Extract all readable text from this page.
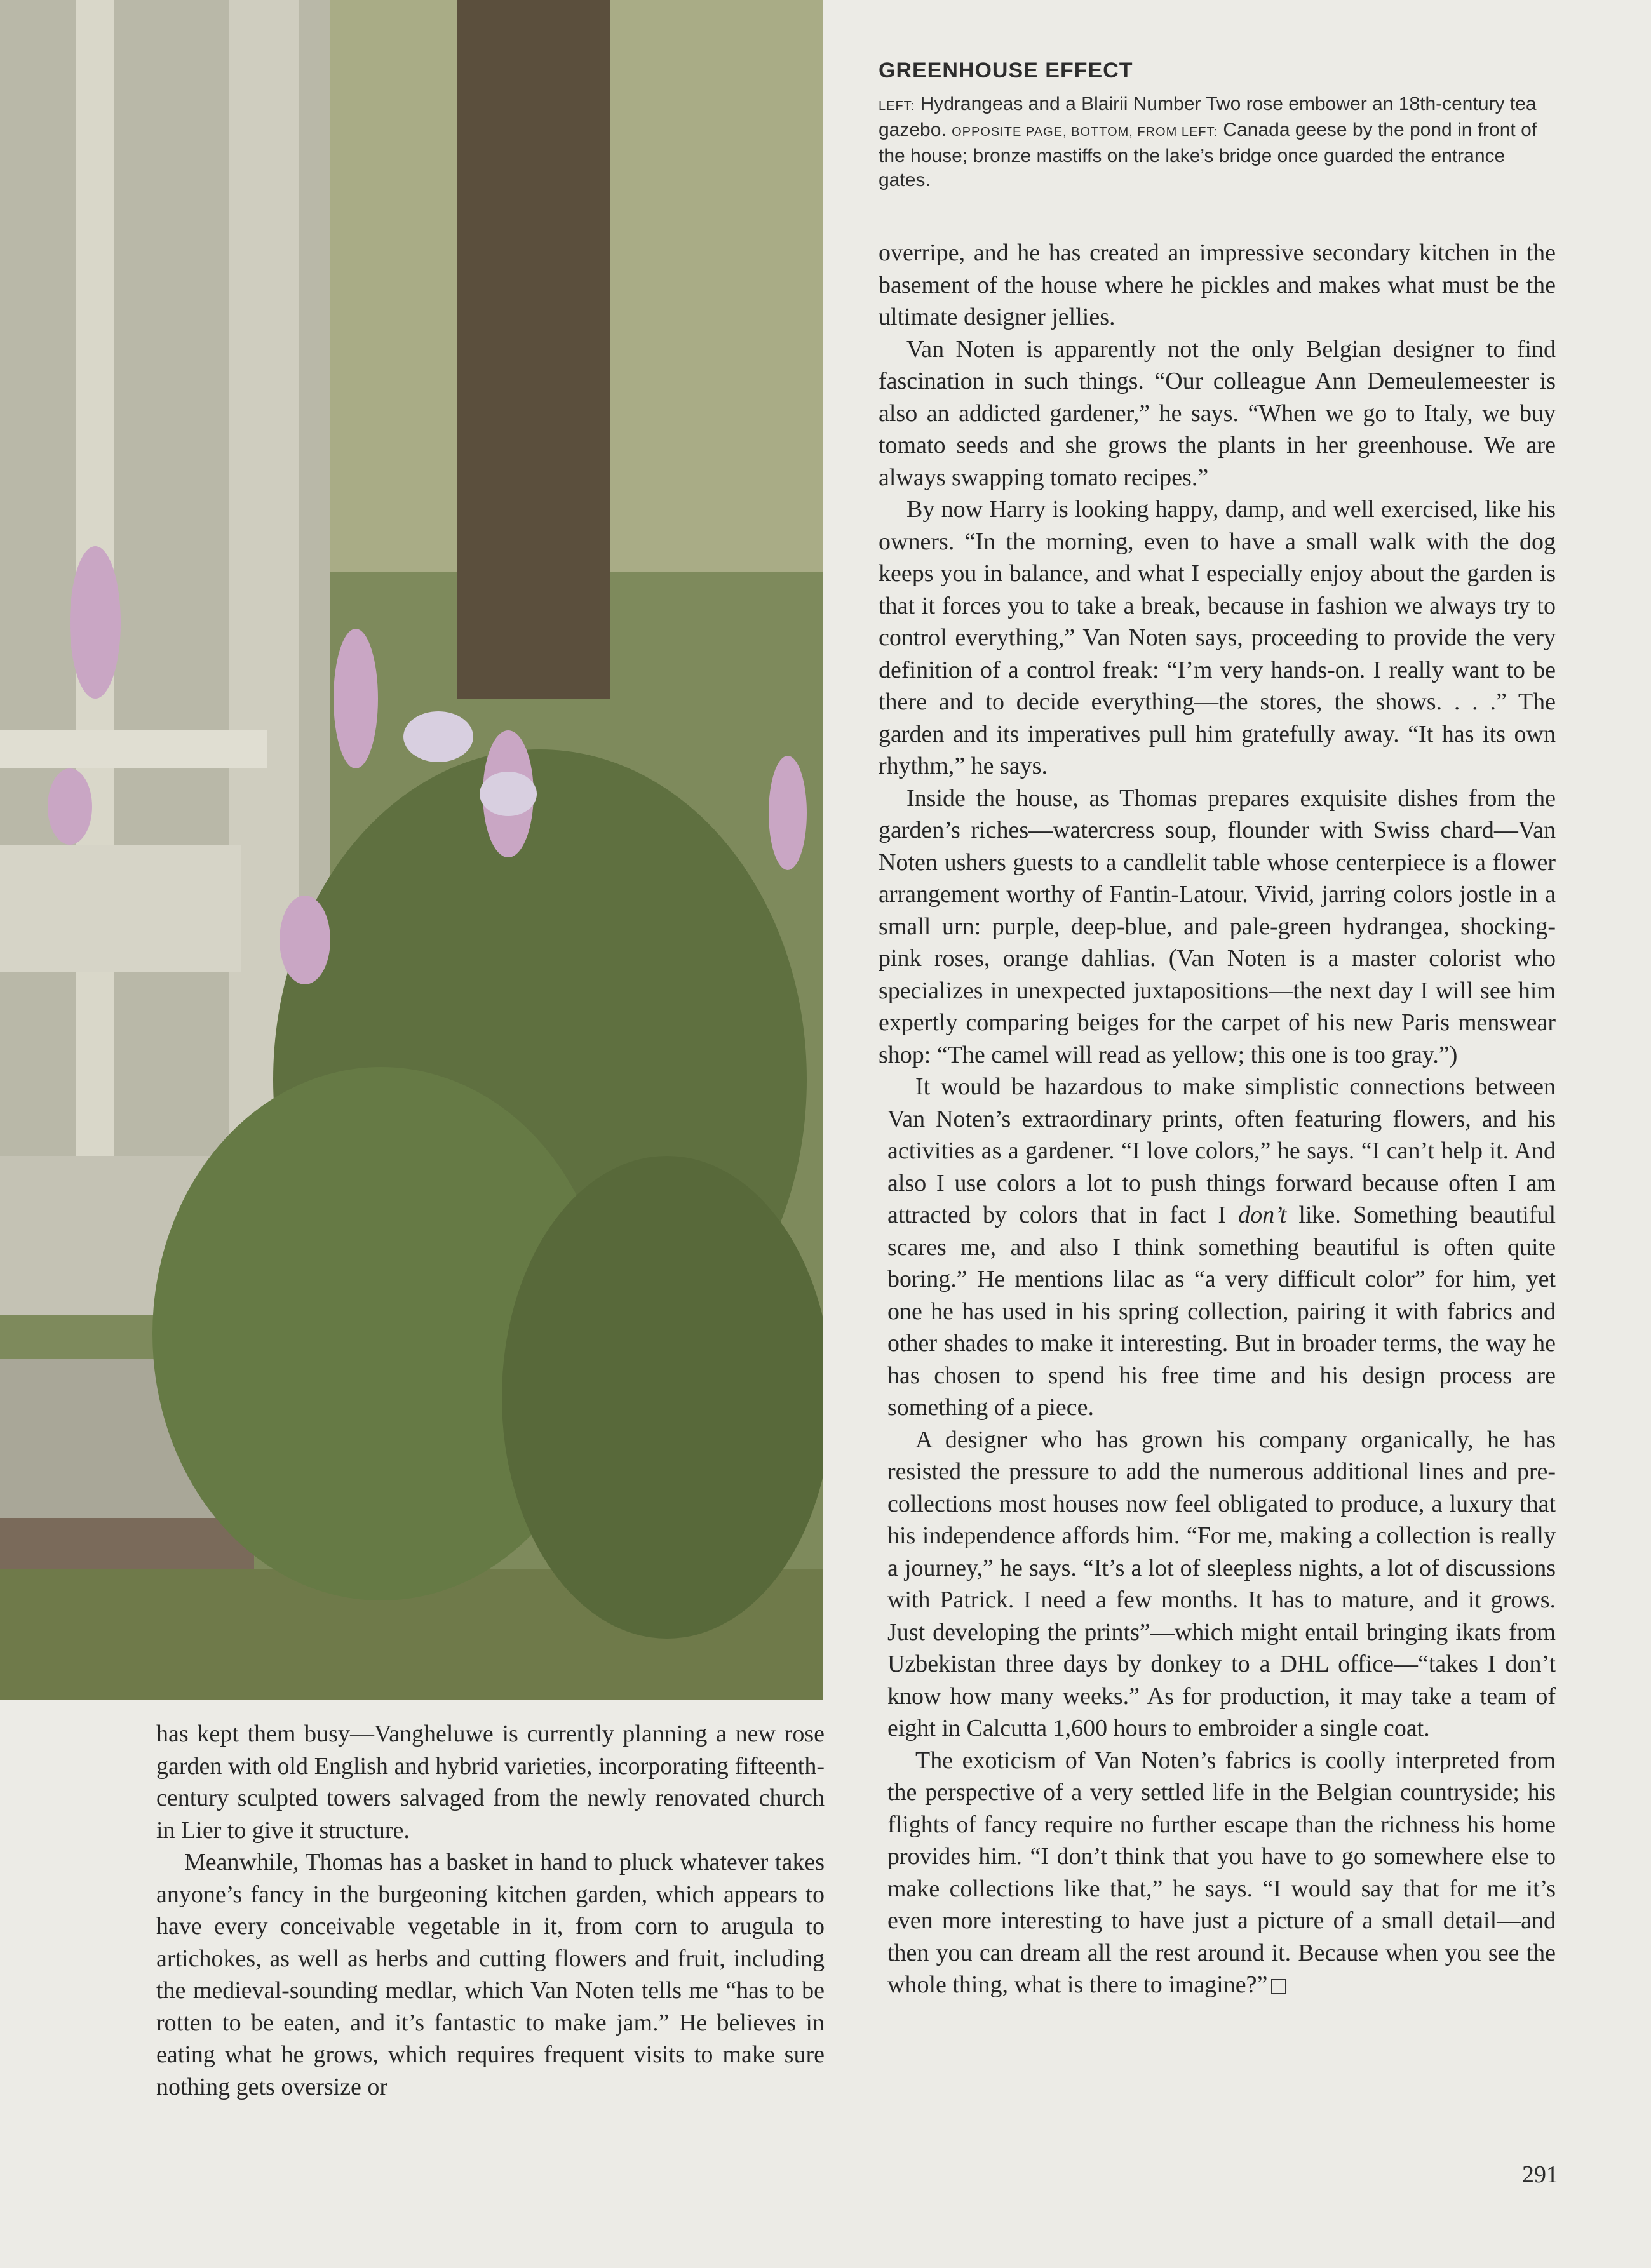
GREENHOUSE EFFECT
LEFT: Hydrangeas and a Blairii Number Two rose embower an 18th-century tea gazebo. OPPOSITE PAGE, BOTTOM, FROM LEFT: Canada geese by the pond in front of the house; bronze mastiffs on the lake’s bridge once guarded the entrance gates.

has kept them busy—Vangheluwe is currently planning a new rose garden with old English and hybrid varieties, incorporating fifteenth-century sculpted towers salvaged from the newly renovated church in Lier to give it structure.

Meanwhile, Thomas has a basket in hand to pluck whatever takes anyone’s fancy in the burgeoning kitchen garden, which appears to have every conceivable vegetable in it, from corn to arugula to artichokes, as well as herbs and cutting flowers and fruit, including the medieval-sounding medlar, which Van Noten tells me “has to be rotten to be eaten, and it’s fantastic to make jam.” He believes in eating what he grows, which requires frequent visits to make sure nothing gets oversize or

overripe, and he has created an impressive secondary kitchen in the basement of the house where he pickles and makes what must be the ultimate designer jellies.

Van Noten is apparently not the only Belgian designer to find fascination in such things. “Our colleague Ann Demeulemeester is also an addicted gardener,” he says. “When we go to Italy, we buy tomato seeds and she grows the plants in her greenhouse. We are always swapping tomato recipes.”

By now Harry is looking happy, damp, and well exercised, like his owners. “In the morning, even to have a small walk with the dog keeps you in balance, and what I especially enjoy about the garden is that it forces you to take a break, because in fashion we always try to control everything,” Van Noten says, proceeding to provide the very definition of a control freak: “I’m very hands-on. I really want to be there and to decide everything—the stores, the shows. . . .” The garden and its imperatives pull him gratefully away. “It has its own rhythm,” he says.

Inside the house, as Thomas prepares exquisite dishes from the garden’s riches—watercress soup, flounder with Swiss chard—Van Noten ushers guests to a candlelit table whose centerpiece is a flower arrangement worthy of Fantin-Latour. Vivid, jarring colors jostle in a small urn: purple, deep-blue, and pale-green hydrangea, shocking-pink roses, orange dahlias. (Van Noten is a master colorist who specializes in unexpected juxtapositions—the next day I will see him expertly comparing beiges for the carpet of his new Paris menswear shop: “The camel will read as yellow; this one is too gray.”)

It would be hazardous to make simplistic connections between Van Noten’s extraordinary prints, often featuring flowers, and his activities as a gardener. “I love colors,” he says. “I can’t help it. And also I use colors a lot to push things forward because often I am attracted by colors that in fact I don’t like. Something beautiful scares me, and also I think something beautiful is often quite boring.” He mentions lilac as “a very difficult color” for him, yet one he has used in his spring collection, pairing it with fabrics and other shades to make it interesting. But in broader terms, the way he has chosen to spend his free time and his design process are something of a piece.

A designer who has grown his company organically, he has resisted the pressure to add the numerous additional lines and pre-collections most houses now feel obligated to produce, a luxury that his independence affords him. “For me, making a collection is really a journey,” he says. “It’s a lot of sleepless nights, a lot of discussions with Patrick. I need a few months. It has to mature, and it grows. Just developing the prints”—which might entail bringing ikats from Uzbekistan three days by donkey to a DHL office—“takes I don’t know how many weeks.” As for production, it may take a team of eight in Calcutta 1,600 hours to embroider a single coat.

The exoticism of Van Noten’s fabrics is coolly interpreted from the perspective of a very settled life in the Belgian countryside; his flights of fancy require no further escape than the richness his home provides him. “I don’t think that you have to go somewhere else to make collections like that,” he says. “I would say that for me it’s even more interesting to have just a picture of a small detail—and then you can dream all the rest around it. Because when you see the whole thing, what is there to imagine?”

291
